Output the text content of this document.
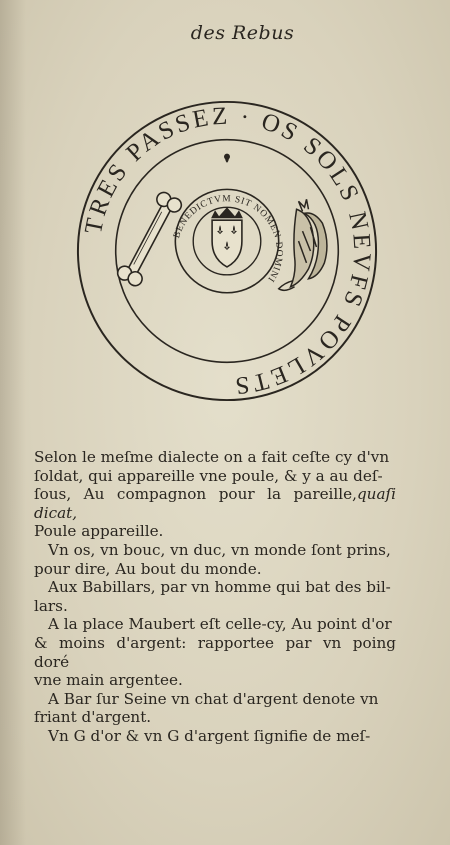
des Rebus
TRES PASSEZ · OS SOLS NEVFS POVLETS
BENEDICTVM SIT NOMEN DOMINI

Selon le meſme dialecte on a fait ceſte cy d'vn
ſoldat, qui appareille vne poule, & y a au deſ-
ſous, Au compagnon pour la pareille,quaſi dicat,
Poule appareille.

Vn os, vn bouc, vn duc, vn monde ſont prins,
pour dire, Au bout du monde.

Aux Babillars, par vn homme qui bat des bil-
lars.

A la place Maubert eſt celle-cy, Au point d'or
& moins d'argent: rapportee par vn poing doré
vne main argentee.

A Bar ſur Seine vn chat d'argent denote vn
friant d'argent.

Vn G d'or & vn G d'argent ſignifie de meſ-
